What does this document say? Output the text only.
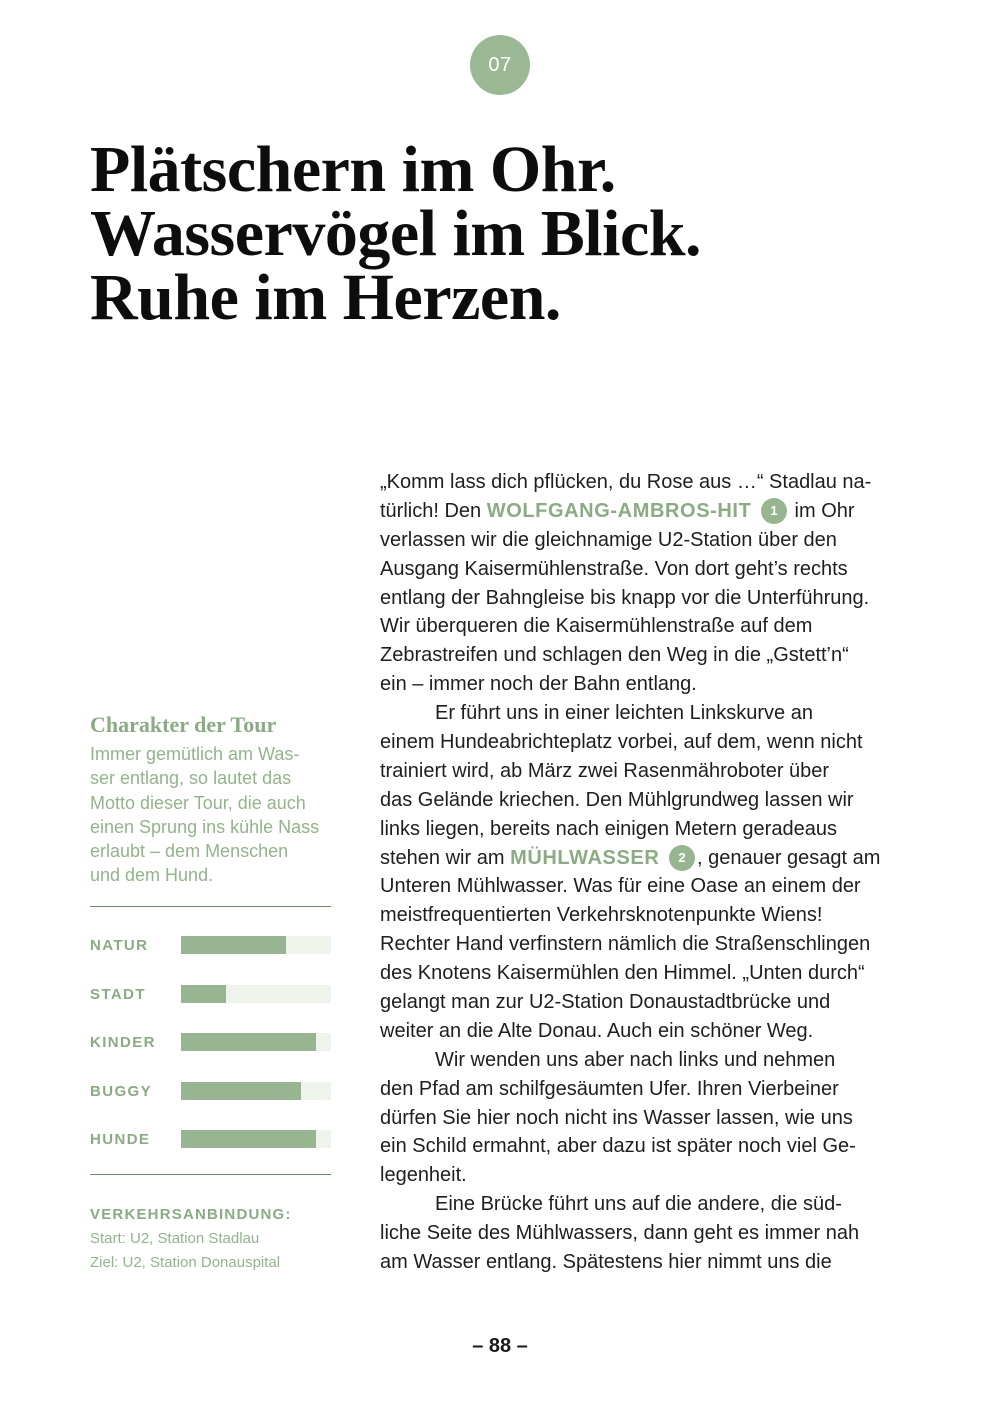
07
Plätschern im Ohr.
Wasservögel im Blick.
Ruhe im Herzen.
Charakter der Tour

Immer gemütlich am Was-
ser entlang, so lautet das
Motto dieser Tour, die auch
einen Sprung ins kühle Nass
erlaubt – dem Menschen
und dem Hund.

NATUR
STADT
KINDER
BUGGY
HUNDE
VERKEHRSANBINDUNG:
Start: U2, Station Stadlau
Ziel: U2, Station Donauspital
„Komm lass dich pflücken, du Rose aus …“ Stadlau na-
türlich! Den WOLFGANG-AMBROS-HIT 1 im Ohr
verlassen wir die gleichnamige U2-Station über den
Ausgang Kaisermühlenstraße. Von dort geht’s rechts
entlang der Bahngleise bis knapp vor die Unterführung.
Wir überqueren die Kaisermühlenstraße auf dem
Zebrastreifen und schlagen den Weg in die „Gstett’n“
ein – immer noch der Bahn entlang.
Er führt uns in einer leichten Linkskurve an
einem Hundeabrichteplatz vorbei, auf dem, wenn nicht
trainiert wird, ab März zwei Rasenmähroboter über
das Gelände kriechen. Den Mühlgrundweg lassen wir
links liegen, bereits nach einigen Metern geradeaus
stehen wir am MÜHLWASSER 2 , genauer gesagt am
Unteren Mühlwasser. Was für eine Oase an einem der
meistfrequentierten Verkehrsknotenpunkte Wiens!
Rechter Hand verfinstern nämlich die Straßenschlingen
des Knotens Kaisermühlen den Himmel. „Unten durch“
gelangt man zur U2-Station Donaustadtbrücke und
weiter an die Alte Donau. Auch ein schöner Weg.
Wir wenden uns aber nach links und nehmen
den Pfad am schilfgesäumten Ufer. Ihren Vierbeiner
dürfen Sie hier noch nicht ins Wasser lassen, wie uns
ein Schild ermahnt, aber dazu ist später noch viel Ge-
legenheit.
Eine Brücke führt uns auf die andere, die süd-
liche Seite des Mühlwassers, dann geht es immer nah
am Wasser entlang. Spätestens hier nimmt uns die
– 88 –
